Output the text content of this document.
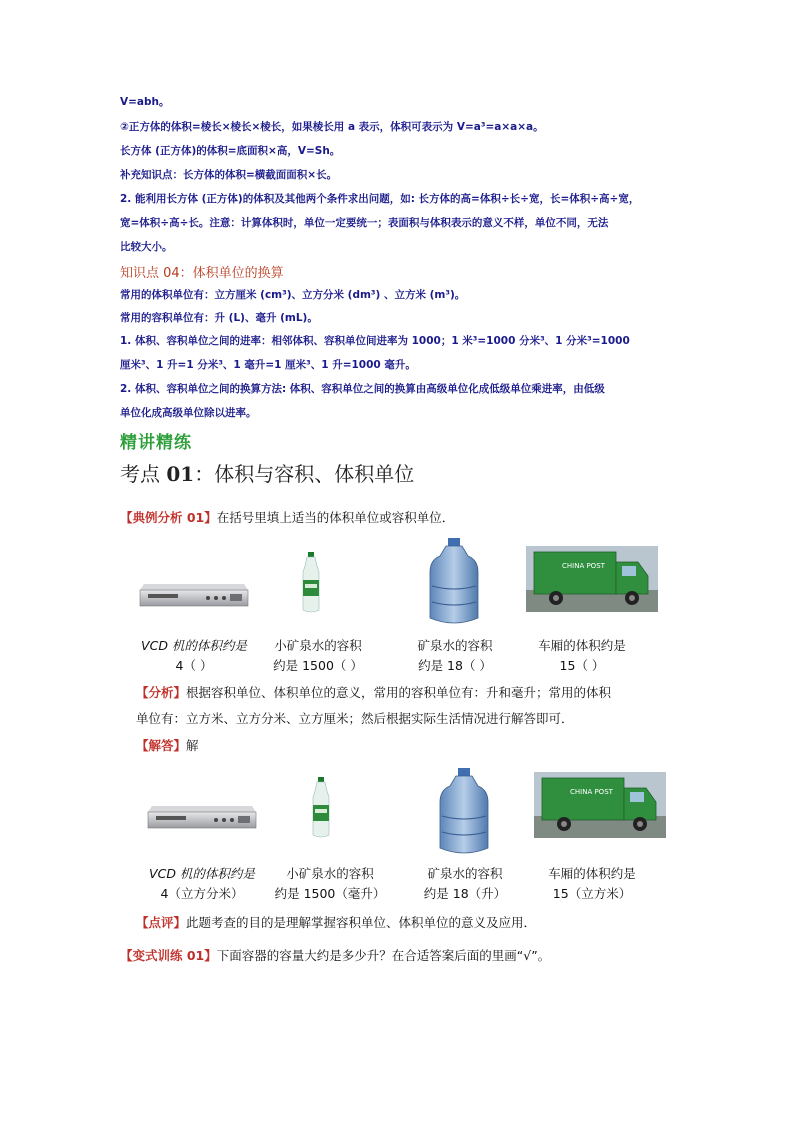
V=abh。
②正方体的体积=棱长×棱长×棱长，如果棱长用 a 表示，体积可表示为 V=a³=a×a×a。
长方体 (正方体)的体积=底面积×高，V=Sh。
补充知识点：长方体的体积=横截面面积×长。
2. 能利用长方体 (正方体)的体积及其他两个条件求出问题，如: 长方体的高=体积÷长÷宽，长=体积÷高÷宽，
宽=体积÷高÷长。注意：计算体积时，单位一定要统一；表面积与体积表示的意义不样，单位不同，无法
比较大小。
知识点 04：体积单位的换算
常用的体积单位有：立方厘米 (cm³)、立方分米 (dm³) 、立方米 (m³)。
常用的容积单位有：升 (L)、毫升 (mL)。
1. 体积、容积单位之间的进率：相邻体积、容积单位间进率为 1000；1 米³=1000 分米³、1 分米³=1000
厘米³、1 升=1 分米³、1 毫升=1 厘米³、1 升=1000 毫升。
2. 体积、容积单位之间的换算方法: 体积、容积单位之间的换算由高级单位化成低级单位乘进率，由低级
单位化成高级单位除以进率。
精讲精练
考点 01：体积与容积、体积单位
【典例分析 01】在括号里填上适当的体积单位或容积单位．
CHINA POST
VCD 机的体积约是
4（ ）
小矿泉水的容积
约是 1500（ ）
矿泉水的容积
约是 18（ ）
车厢的体积约是
15（ ）
【分析】根据容积单位、体积单位的意义，常用的容积单位有：升和毫升；常用的体积
单位有：立方米、立方分米、立方厘米；然后根据实际生活情况进行解答即可．
【解答】解
CHINA POST
VCD 机的体积约是
4（立方分米）
小矿泉水的容积
约是 1500（毫升）
矿泉水的容积
约是 18（升）
车厢的体积约是
15（立方米）
【点评】此题考查的目的是理解掌握容积单位、体积单位的意义及应用．
【变式训练 01】下面容器的容量大约是多少升？在合适答案后面的里画“√”。
